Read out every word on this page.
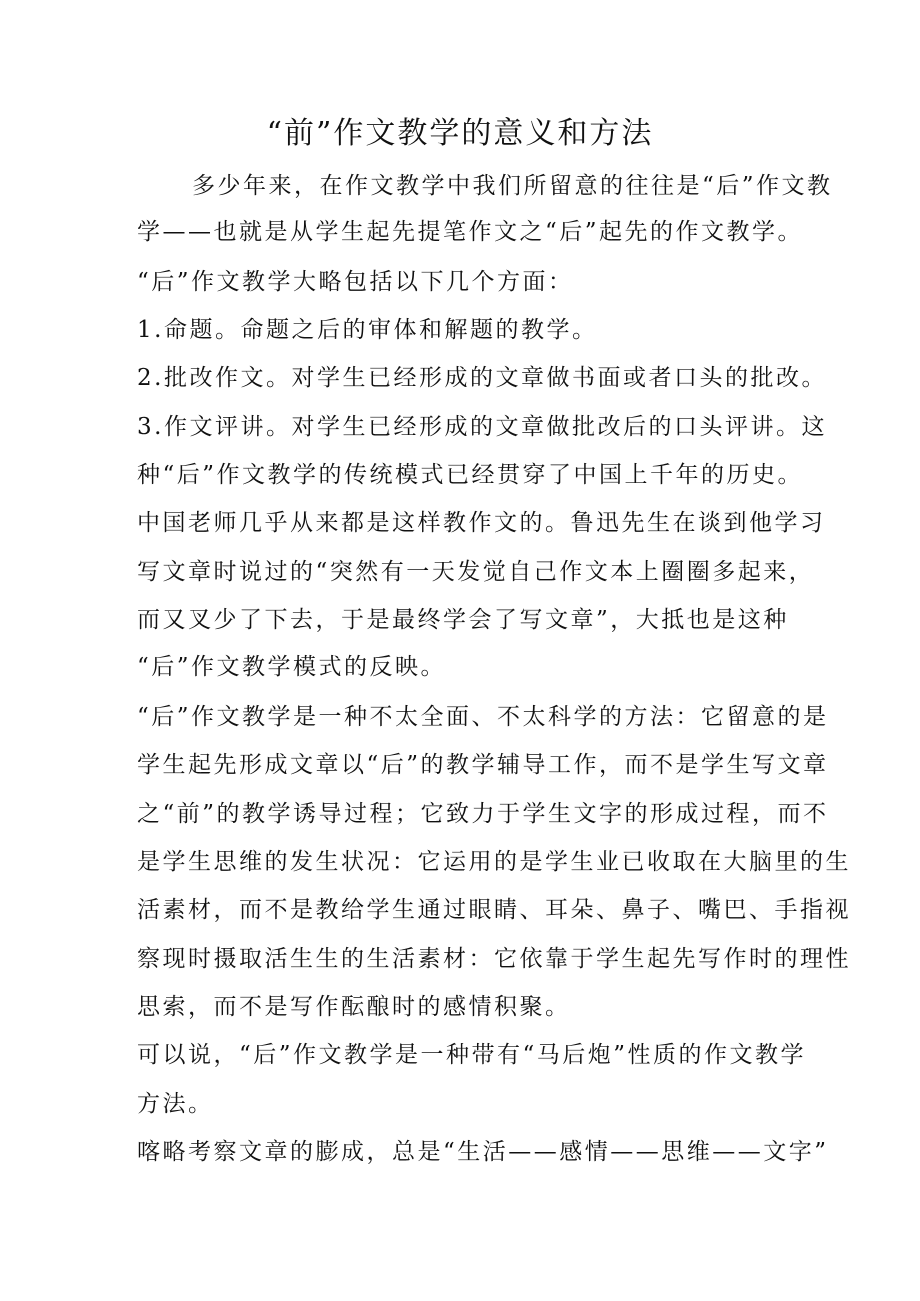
“前”作文教学的意义和方法
多少年来，在作文教学中我们所留意的往往是“后”作文教
学——也就是从学生起先提笔作文之“后”起先的作文教学。
“后”作文教学大略包括以下几个方面：
1.命题。命题之后的审体和解题的教学。
2.批改作文。对学生已经形成的文章做书面或者口头的批改。
3.作文评讲。对学生已经形成的文章做批改后的口头评讲。这
种“后”作文教学的传统模式已经贯穿了中国上千年的历史。
中国老师几乎从来都是这样教作文的。鲁迅先生在谈到他学习
写文章时说过的“突然有一天发觉自己作文本上圈圈多起来，
而又叉少了下去，于是最终学会了写文章”，大抵也是这种
“后”作文教学模式的反映。
“后”作文教学是一种不太全面、不太科学的方法：它留意的是
学生起先形成文章以“后”的教学辅导工作，而不是学生写文章
之“前”的教学诱导过程；它致力于学生文字的形成过程，而不
是学生思维的发生状况：它运用的是学生业已收取在大脑里的生
活素材，而不是教给学生通过眼睛、耳朵、鼻子、嘴巴、手指视
察现时摄取活生生的生活素材：它依靠于学生起先写作时的理性
思索，而不是写作酝酿时的感情积聚。
可以说，“后”作文教学是一种带有“马后炮”性质的作文教学
方法。
喀略考察文章的膨成，总是“生活——感情——思维——文字”
